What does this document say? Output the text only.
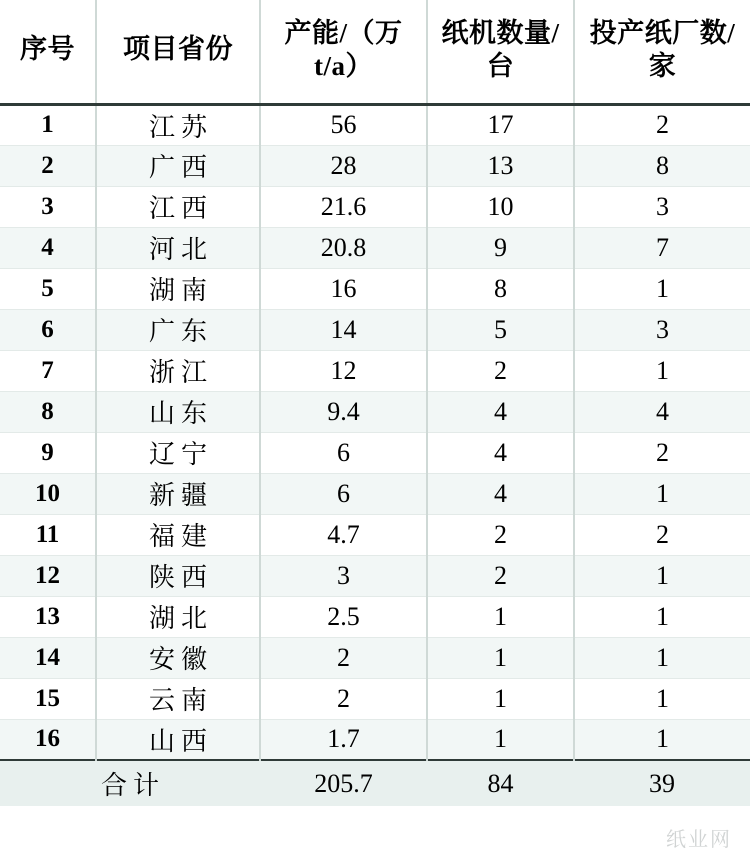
序号	项目省份	产能/（万t/a）	纸机数量/台	投产纸厂数/家
1	江苏	56	17	2
2	广西	28	13	8
3	江西	21.6	10	3
4	河北	20.8	9	7
5	湖南	16	8	1
6	广东	14	5	3
7	浙江	12	2	1
8	山东	9.4	4	4
9	辽宁	6	4	2
10	新疆	6	4	1
11	福建	4.7	2	2
12	陕西	3	2	1
13	湖北	2.5	1	1
14	安徽	2	1	1
15	云南	2	1	1
16	山西	1.7	1	1
合计		205.7	84	39
纸业网
